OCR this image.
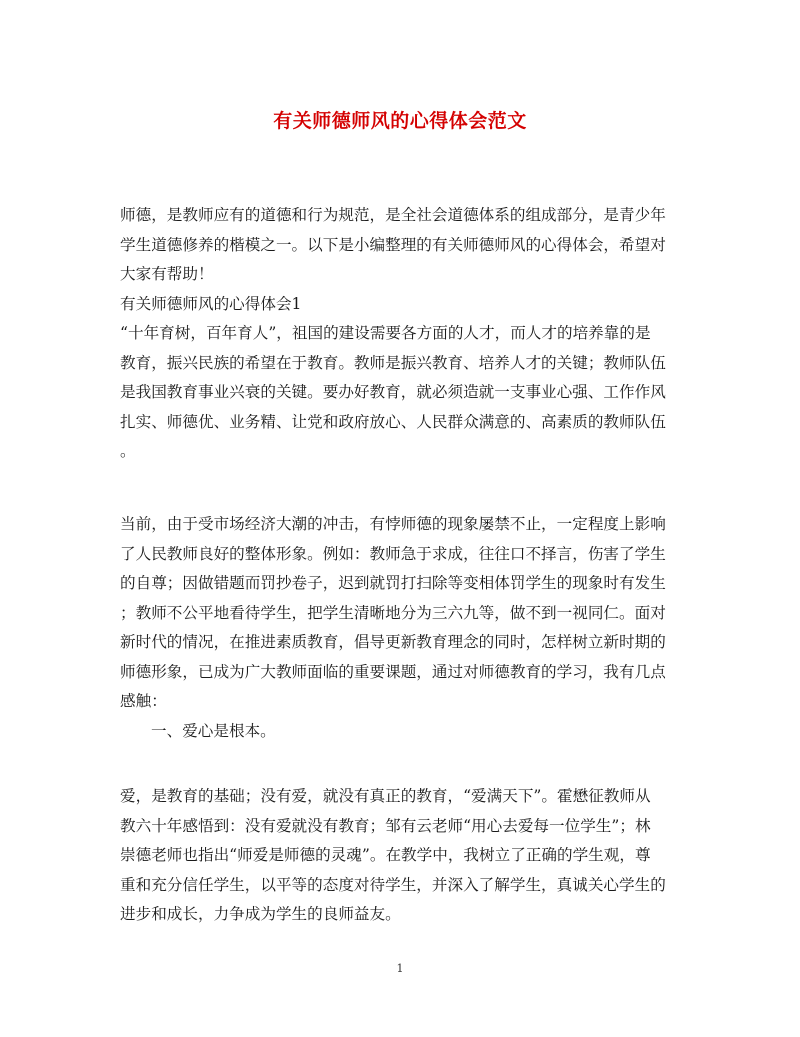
有关师德师风的心得体会范文
师德，是教师应有的道德和行为规范，是全社会道德体系的组成部分，是青少年
学生道德修养的楷模之一。以下是小编整理的有关师德师风的心得体会，希望对
大家有帮助！
有关师德师风的心得体会1
“十年育树，百年育人”，祖国的建设需要各方面的人才，而人才的培养靠的是
教育，振兴民族的希望在于教育。教师是振兴教育、培养人才的关键；教师队伍
是我国教育事业兴衰的关键。要办好教育，就必须造就一支事业心强、工作作风
扎实、师德优、业务精、让党和政府放心、人民群众满意的、高素质的教师队伍
。
当前，由于受市场经济大潮的冲击，有悖师德的现象屡禁不止，一定程度上影响
了人民教师良好的整体形象。例如：教师急于求成，往往口不择言，伤害了学生
的自尊；因做错题而罚抄卷子，迟到就罚打扫除等变相体罚学生的现象时有发生
；教师不公平地看待学生，把学生清晰地分为三六九等，做不到一视同仁。面对
新时代的情况，在推进素质教育，倡导更新教育理念的同时，怎样树立新时期的
师德形象，已成为广大教师面临的重要课题，通过对师德教育的学习，我有几点
感触：
一、爱心是根本。
爱，是教育的基础；没有爱，就没有真正的教育，“爱满天下”。霍懋征教师从
教六十年感悟到：没有爱就没有教育；邹有云老师“用心去爱每一位学生”；林
崇德老师也指出“师爱是师德的灵魂”。在教学中，我树立了正确的学生观，尊
重和充分信任学生，以平等的态度对待学生，并深入了解学生，真诚关心学生的
进步和成长，力争成为学生的良师益友。
1
